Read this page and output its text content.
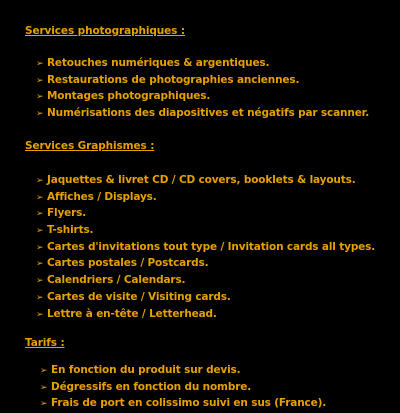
Services photographiques :
➢ Retouches numériques & argentiques.
➢ Restaurations de photographies anciennes.
➢ Montages photographiques.
➢ Numérisations des diapositives et négatifs par scanner.
Services Graphismes :
➢ Jaquettes & livret CD / CD covers, booklets & layouts.
➢ Affiches / Displays.
➢ Flyers.
➢ T-shirts.
➢ Cartes d'invitations tout type / Invitation cards all types.
➢ Cartes postales / Postcards.
➢ Calendriers / Calendars.
➢ Cartes de visite / Visiting cards.
➢ Lettre à en-tête / Letterhead.
Tarifs :
➢ En fonction du produit sur devis.
➢ Dégressifs en fonction du nombre.
➢ Frais de port en colissimo suivi en sus (France).
